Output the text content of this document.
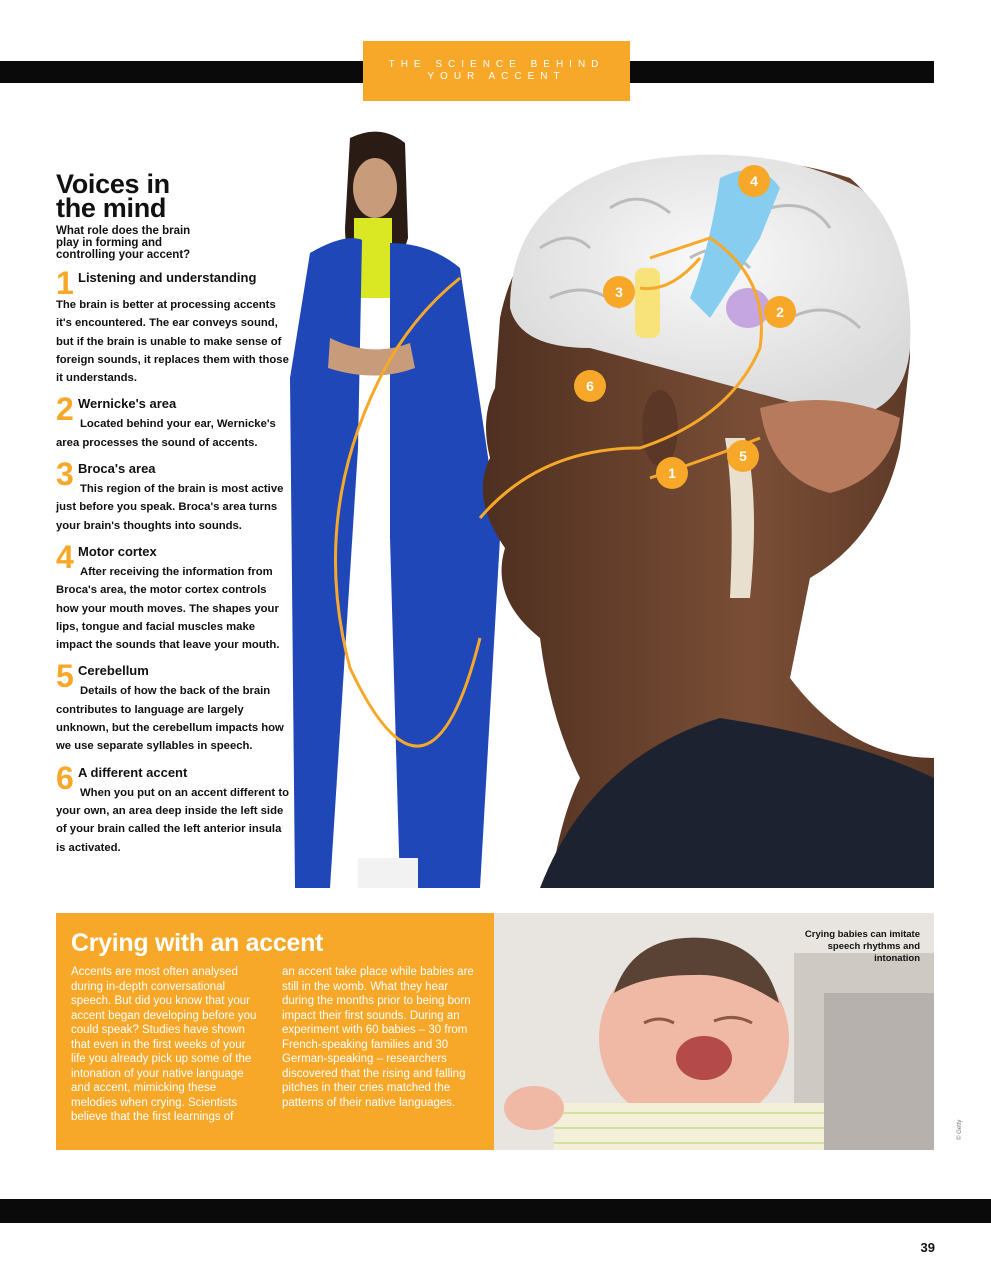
THE SCIENCE BEHIND
YOUR ACCENT
1
2
3
4
5
6
Voices in
the mind

What role does the brain play in forming and controlling your accent?

1 Listening and understanding
The brain is better at processing accents it's encountered. The ear conveys sound, but if the brain is unable to make sense of foreign sounds, it replaces them with those it understands.
2 Wernicke's area
Located behind your ear, Wernicke's area processes the sound of accents.
3 Broca's area
This region of the brain is most active just before you speak. Broca's area turns your brain's thoughts into sounds.
4 Motor cortex
After receiving the information from Broca's area, the motor cortex controls how your mouth moves. The shapes your lips, tongue and facial muscles make impact the sounds that leave your mouth.
5 Cerebellum
Details of how the back of the brain contributes to language are largely unknown, but the cerebellum impacts how we use separate syllables in speech.
6 A different accent
When you put on an accent different to your own, an area deep inside the left side of your brain called the left anterior insula is activated.
Crying with an accent
Accents are most often analysed during in-depth conversational speech. But did you know that your accent began developing before you could speak? Studies have shown that even in the first weeks of your life you already pick up some of the intonation of your native language and accent, mimicking these melodies when crying. Scientists believe that the first learnings of
an accent take place while babies are still in the womb. What they hear during the months prior to being born impact their first sounds. During an experiment with 60 babies – 30 from French-speaking families and 30 German-speaking – researchers discovered that the rising and falling pitches in their cries matched the patterns of their native languages.
Crying babies can imitate speech rhythms and intonation
© Getty
39
